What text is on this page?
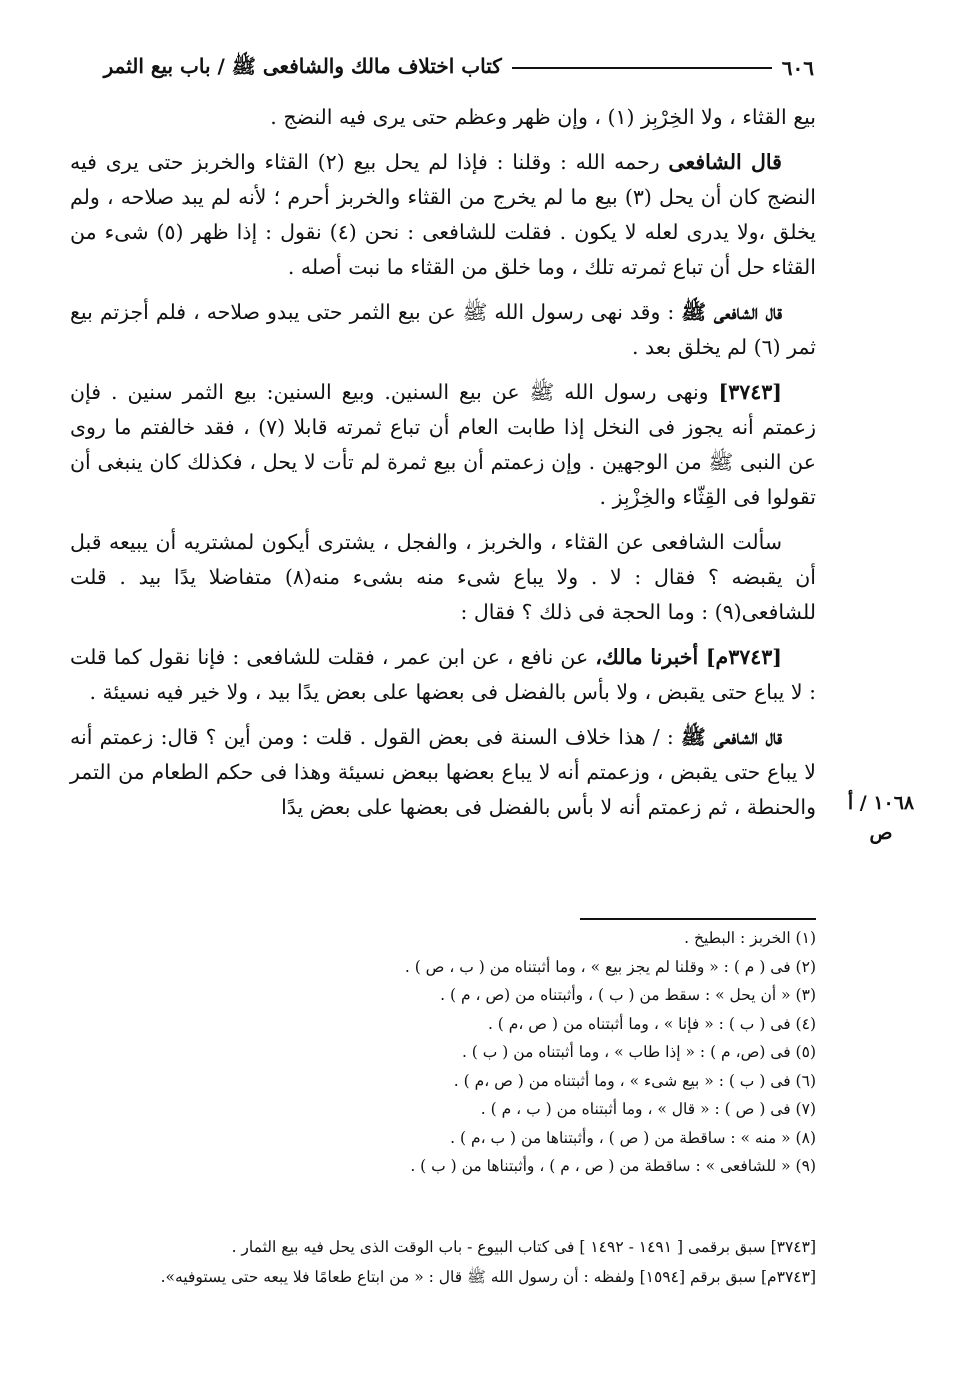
٦٠٦
كتاب اختلاف مالك والشافعى ﷺ / باب بيع الثمر

بيع القثاء ، ولا الخِرْبِز (١) ، وإن ظهر وعظم حتى يرى فيه النضج .

قال الشافعى رحمه الله : وقلنا : فإذا لم يحل بيع (٢) القثاء والخربز حتى يرى فيه النضج كان أن يحل (٣) بيع ما لم يخرج من القثاء والخربز أحرم ؛ لأنه لم يبد صلاحه ، ولم يخلق ،ولا يدرى لعله لا يكون . فقلت للشافعى : نحن (٤) نقول : إذا ظهر (٥) شىء من القثاء حل أن تباع ثمرته تلك ، وما خلق من القثاء ما نبت أصله .

قال الشافعى ﷺ : وقد نهى رسول الله ﷺ عن بيع الثمر حتى يبدو صلاحه ، فلم أجزتم بيع ثمر (٦) لم يخلق بعد .

[٣٧٤٣] ونهى رسول الله ﷺ عن بيع السنين. وبيع السنين: بيع الثمر سنين . فإن زعمتم أنه يجوز فى النخل إذا طابت العام أن تباع ثمرته قابلا (٧) ، فقد خالفتم ما روى عن النبى ﷺ من الوجهين . وإن زعمتم أن بيع ثمرة لم تأت لا يحل ، فكذلك كان ينبغى أن تقولوا فى القِثّاء والخِزْبِز .

سألت الشافعى عن القثاء ، والخربز ، والفجل ، يشترى أيكون لمشتريه أن يبيعه قبل أن يقبضه ؟ فقال : لا . ولا يباع شىء منه بشىء منه(٨) متفاضلا يدًا بيد . قلت للشافعى(٩) : وما الحجة فى ذلك ؟ فقال :

[٣٧٤٣م] أخبرنا مالك، عن نافع ، عن ابن عمر ، فقلت للشافعى : فإنا نقول كما قلت : لا يباع حتى يقبض ، ولا بأس بالفضل فى بعضها على بعض يدًا بيد ، ولا خير فيه نسيئة .

قال الشافعى ﷺ : / هذا خلاف السنة فى بعض القول . قلت : ومن أين ؟ قال: زعمتم أنه لا يباع حتى يقبض ، وزعمتم أنه لا يباع بعضها ببعض نسيئة وهذا فى حكم الطعام من التمر والحنطة ، ثم زعمتم أنه لا بأس بالفضل فى بعضها على بعض يدًا	١٠٦٨ / أ
ص
(١) الخربز : البطيخ .
(٢) فى ( م ) : « وقلنا لم يجز بيع » ، وما أثبتناه من ( ب ، ص ) .
(٣) « أن يحل » : سقط من ( ب ) ، وأثبتناه من (ص ، م ) .
(٤) فى ( ب ) : « فإنا » ، وما أثبتناه من ( ص ،م ) .
(٥) فى (ص، م ) : « إذا طاب » ، وما أثبتناه من ( ب ) .
(٦) فى ( ب ) : « بيع شىء » ، وما أثبتناه من ( ص ،م ) .
(٧) فى ( ص ) : « قال » ، وما أثبتناه من ( ب ، م ) .
(٨) « منه » : ساقطة من ( ص ) ، وأثبتناها من ( ب ،م ) .
(٩) « للشافعى » : ساقطة من ( ص ، م ) ، وأثبتناها من ( ب ) .
[٣٧٤٣] سبق برقمى [ ١٤٩١ - ١٤٩٢ ] فى كتاب البيوع - باب الوقت الذى يحل فيه بيع الثمار .
[٣٧٤٣م] سبق برقم [١٥٩٤] ولفظه : أن رسول الله ﷺ قال : « من ابتاع طعامًا فلا يبعه حتى يستوفيه».
